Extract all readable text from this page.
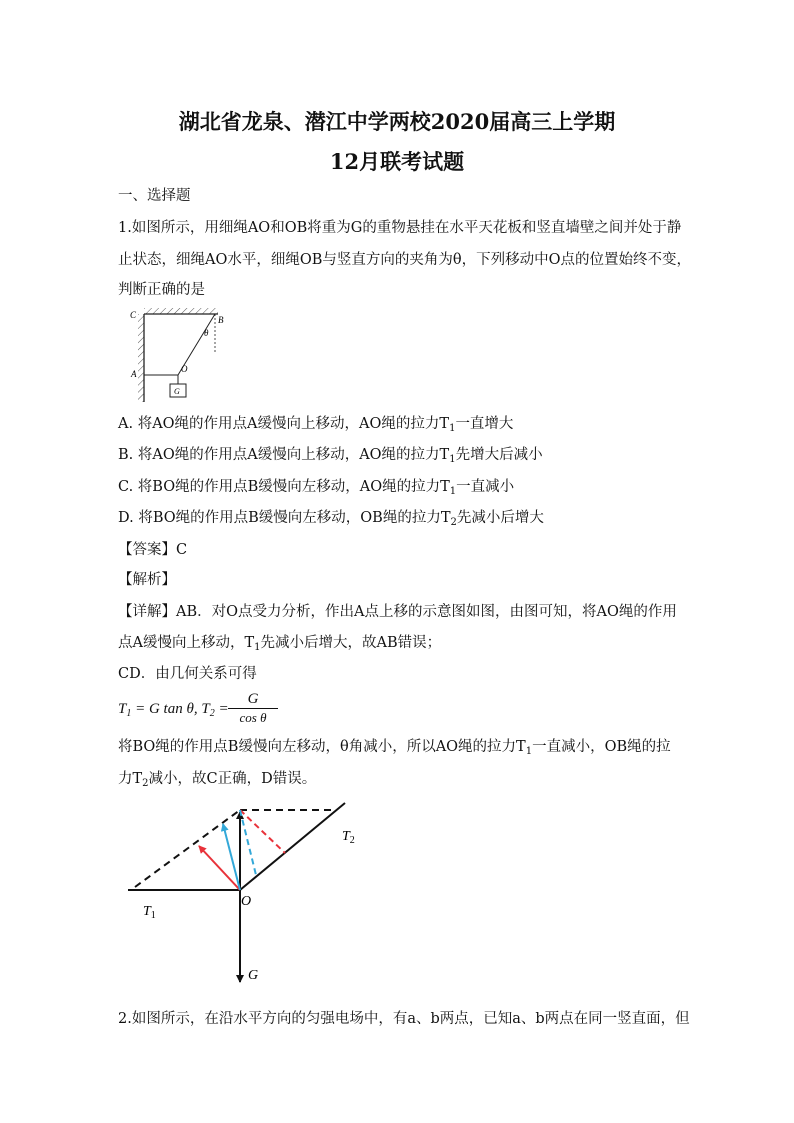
湖北省龙泉、潜江中学两校2020届高三上学期
12月联考试题
一、选择题
1.如图所示，用细绳AO和OB将重为G的重物悬挂在水平天花板和竖直墙壁之间并处于静
止状态，细绳AO水平，细绳OB与竖直方向的夹角为θ，下列移动中O点的位置始终不变，
判断正确的是
C	B
θ
A	O
G
A. 将AO绳的作用点A缓慢向上移动，AO绳的拉力$T_1$一直增大
B. 将AO绳的作用点A缓慢向上移动，AO绳的拉力$T_1$先增大后减小
C. 将BO绳的作用点B缓慢向左移动，AO绳的拉力$T_1$一直减小
D. 将BO绳的作用点B缓慢向左移动，OB绳的拉力$T_2$先减小后增大
【答案】C
【解析】
【详解】AB．对O点受力分析，作出A点上移的示意图如图，由图可知，将AO绳的作用
点A缓慢向上移动，$T_1$先减小后增大，故AB错误；
CD．由几何关系可得
$T_1 = G$ tan θ, $T_2 = \frac{G}{\text{cos θ}}$
将BO绳的作用点B缓慢向左移动，θ角减小，所以AO绳的拉力$T_1$一直减小，OB绳的拉
力$T_2$减小，故C正确，D错误。
$T_2$
$T_1$
O
G
2.如图所示，在沿水平方向的匀强电场中，有a、b两点，已知a、b两点在同一竖直面，但
